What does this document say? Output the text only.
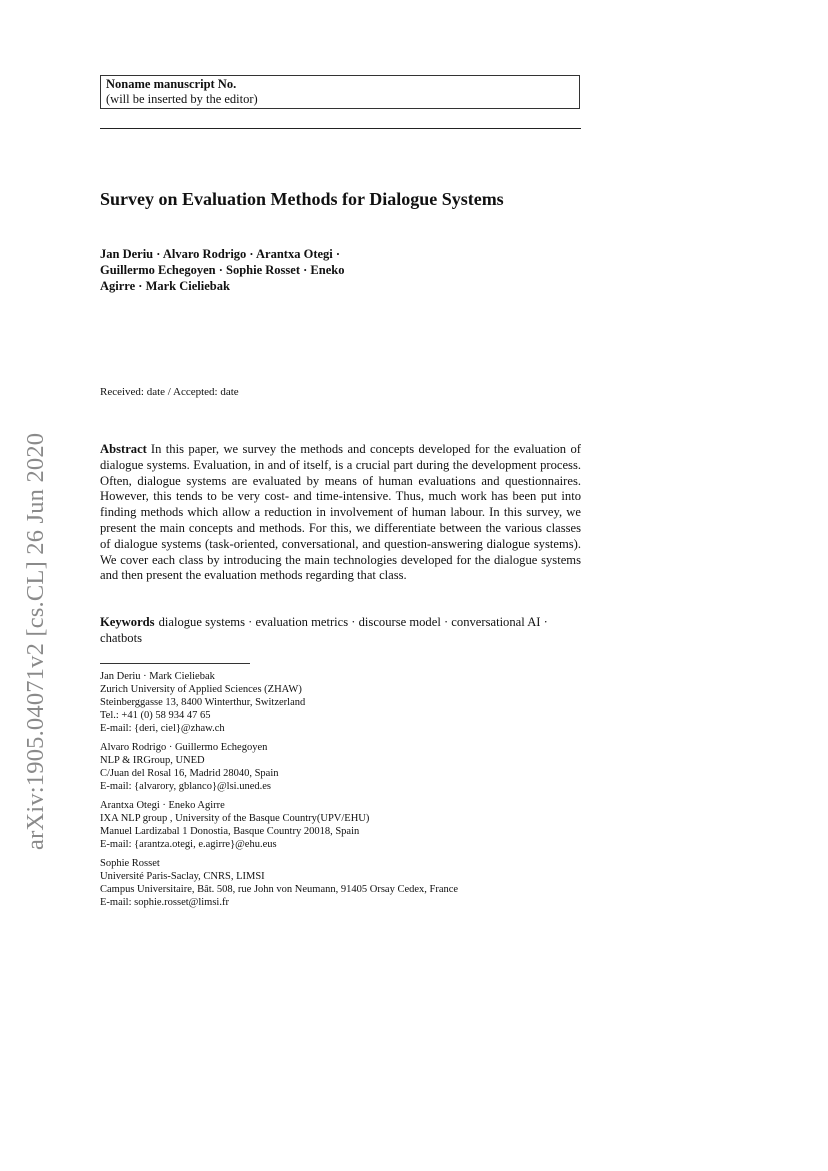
Noname manuscript No.
(will be inserted by the editor)
Survey on Evaluation Methods for Dialogue Systems
Jan Deriu · Alvaro Rodrigo · Arantxa Otegi ·
Guillermo Echegoyen · Sophie Rosset · Eneko
Agirre · Mark Cieliebak
Received: date / Accepted: date

Abstract In this paper, we survey the methods and concepts developed for the evaluation of dialogue systems. Evaluation, in and of itself, is a crucial part during the development process. Often, dialogue systems are evaluated by means of human evaluations and questionnaires. However, this tends to be very cost- and time-intensive. Thus, much work has been put into finding methods which allow a reduction in involvement of human labour. In this survey, we present the main concepts and methods. For this, we differentiate between the various classes of dialogue systems (task-oriented, conversational, and question-answering dialogue systems). We cover each class by introducing the main technologies developed for the dialogue systems and then present the evaluation methods regarding that class.

Keywords dialogue systems · evaluation metrics · discourse model · conversational AI · chatbots
Jan Deriu · Mark Cieliebak
Zurich University of Applied Sciences (ZHAW)
Steinberggasse 13, 8400 Winterthur, Switzerland
Tel.: +41 (0) 58 934 47 65
E-mail: {deri, ciel}@zhaw.ch
Alvaro Rodrigo · Guillermo Echegoyen
NLP & IRGroup, UNED
C/Juan del Rosal 16, Madrid 28040, Spain
E-mail: {alvarory, gblanco}@lsi.uned.es
Arantxa Otegi · Eneko Agirre
IXA NLP group , University of the Basque Country(UPV/EHU)
Manuel Lardizabal 1 Donostia, Basque Country 20018, Spain
E-mail: {arantza.otegi, e.agirre}@ehu.eus
Sophie Rosset
Université Paris-Saclay, CNRS, LIMSI
Campus Universitaire, Bât. 508, rue John von Neumann, 91405 Orsay Cedex, France
E-mail: sophie.rosset@limsi.fr
arXiv:1905.04071v2 [cs.CL] 26 Jun 2020
